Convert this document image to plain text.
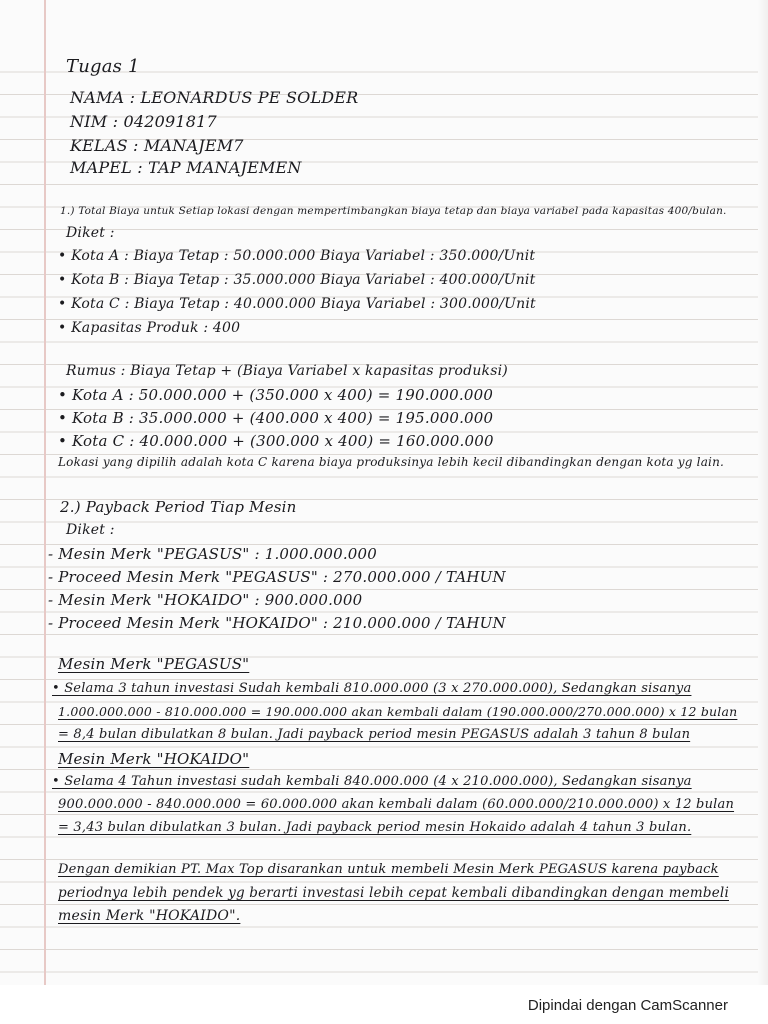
Tugas 1
NAMA : LEONARDUS PE SOLDER
NIM : 042091817
KELAS : MANAJEM7
MAPEL : TAP MANAJEMEN
1.) Total Biaya untuk Setiap lokasi dengan mempertimbangkan biaya tetap dan biaya variabel pada kapasitas 400/bulan.
Diket :
• Kota A : Biaya Tetap : 50.000.000 Biaya Variabel : 350.000/Unit
• Kota B : Biaya Tetap : 35.000.000 Biaya Variabel : 400.000/Unit
• Kota C : Biaya Tetap : 40.000.000 Biaya Variabel : 300.000/Unit
• Kapasitas Produk : 400
Rumus : Biaya Tetap + (Biaya Variabel x kapasitas produksi)
• Kota A : 50.000.000 + (350.000 x 400) = 190.000.000
• Kota B : 35.000.000 + (400.000 x 400) = 195.000.000
• Kota C : 40.000.000 + (300.000 x 400) = 160.000.000
Lokasi yang dipilih adalah kota C karena biaya produksinya lebih kecil dibandingkan dengan kota yg lain.
2.) Payback Period Tiap Mesin
Diket :
- Mesin Merk "PEGASUS" : 1.000.000.000
- Proceed Mesin Merk "PEGASUS" : 270.000.000 / TAHUN
- Mesin Merk "HOKAIDO" : 900.000.000
- Proceed Mesin Merk "HOKAIDO" : 210.000.000 / TAHUN
Mesin Merk "PEGASUS"
• Selama 3 tahun investasi Sudah kembali 810.000.000 (3 x 270.000.000), Sedangkan sisanya
1.000.000.000 - 810.000.000 = 190.000.000 akan kembali dalam (190.000.000/270.000.000) x 12 bulan
= 8,4 bulan dibulatkan 8 bulan. Jadi payback period mesin PEGASUS adalah 3 tahun 8 bulan
Mesin Merk "HOKAIDO"
• Selama 4 Tahun investasi sudah kembali 840.000.000 (4 x 210.000.000), Sedangkan sisanya
900.000.000 - 840.000.000 = 60.000.000 akan kembali dalam (60.000.000/210.000.000) x 12 bulan
= 3,43 bulan dibulatkan 3 bulan. Jadi payback period mesin Hokaido adalah 4 tahun 3 bulan.
Dengan demikian PT. Max Top disarankan untuk membeli Mesin Merk PEGASUS karena payback
periodnya lebih pendek yg berarti investasi lebih cepat kembali dibandingkan dengan membeli
mesin Merk "HOKAIDO".
Dipindai dengan CamScanner
